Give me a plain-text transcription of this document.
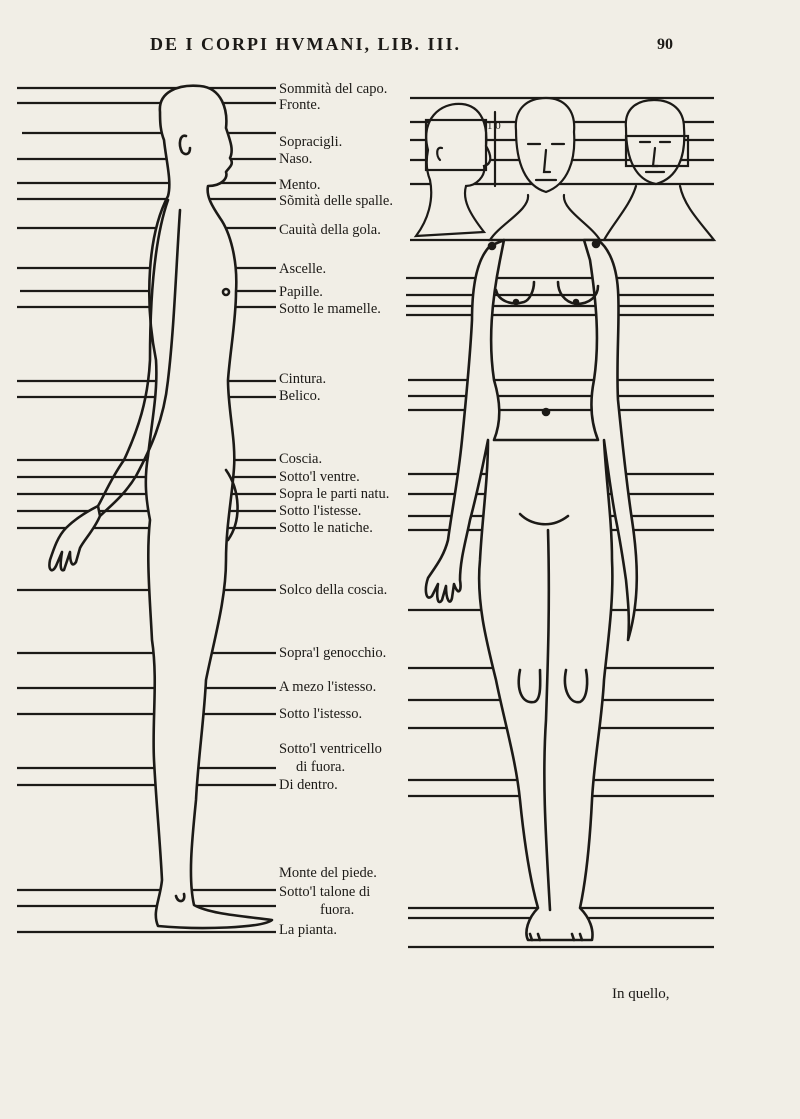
DE I CORPI HVMANI, LIB. III.	90
Sommità del capo.
Fronte.
Sopracigli.
Naso.
Mento.
Sõmità delle spalle.
Cauità della gola.
Ascelle.
Papille.
Sotto le mamelle.
Cintura.
Belico.
Coscia.
Sotto'l ventre.
Sopra le parti natu.
Sotto l'istesse.
Sotto le natiche.
Solco della coscia.
Sopra'l genocchio.
A mezo l'istesso.
Sotto l'istesso.
Sotto'l ventricello
di fuora.
Di dentro.
Monte del piede.
Sotto'l talone di
fuora.
La pianta.
1 0
In quello,
